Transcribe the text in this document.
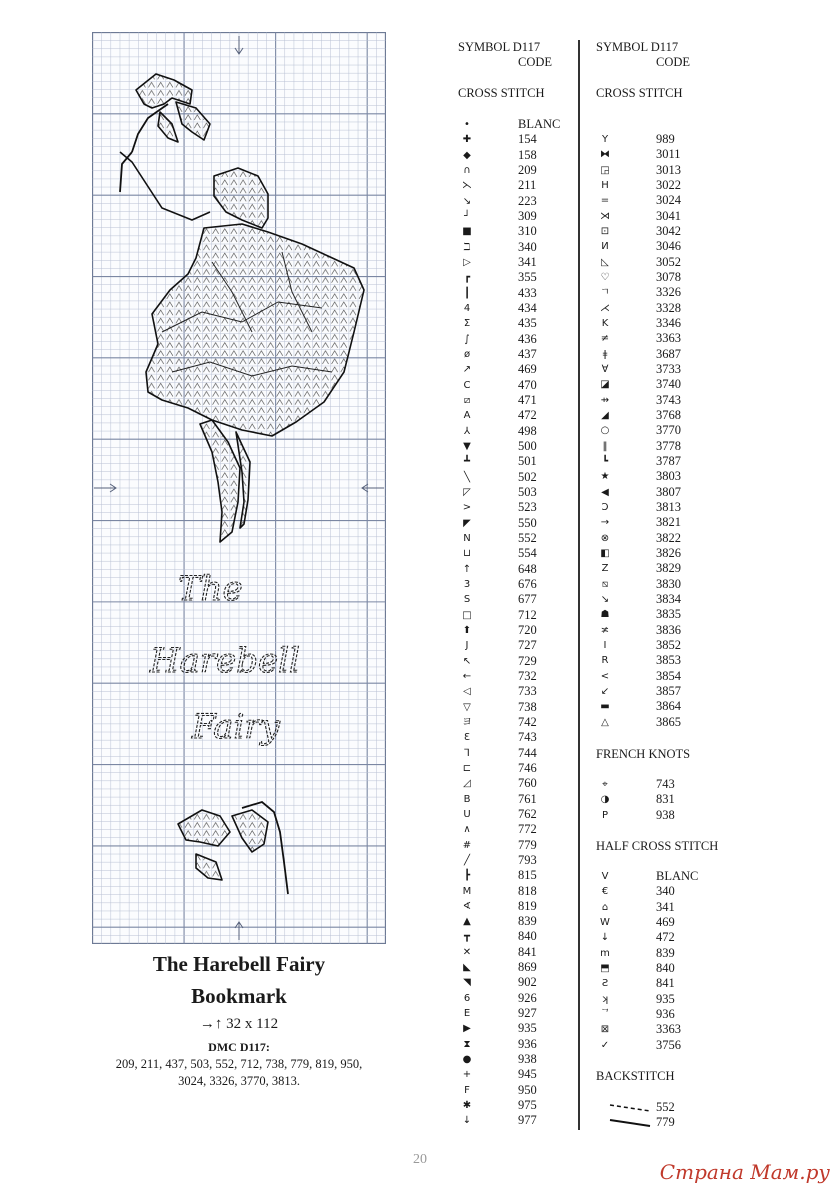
The
Harebell
Fairy
The Harebell Fairy
Bookmark
→↑ 32 x 112
DMC D117:
209, 211, 437, 503, 552, 712, 738, 779, 819, 950,
3024, 3326, 3770, 3813.
SYMBOL D117
CODE
CROSS STITCH
•	BLANC
✚	154
◆	158
∩	209
⋋	211
↘	223
┘	309
■	310
ℶ	340
▷	341
┏	355
┃	433
4	434
Σ	435
∫	436
ø	437
↗	469
C	470
⧄	471
A	472
⅄	498
▼	500
┻	501
╲	502
◸	503
>	523
◤	550
N	552
⊔	554
↑	648
3	676
S	677
□	712
⬆	720
J	727
↖	729
←	732
◁	733
▽	738
ヨ	742
Ɛ	743
⅂	744
⊏	746
◿	760
B	761
U	762
∧	772
#	779
╱	793
┣	815
M	818
∢	819
▲	839
┳	840
✕	841
◣	869
◥	902
6	926
E	927
▶	935
⧗	936
●	938
+	945
F	950
✱	975
↓	977
SYMBOL D117
CODE
CROSS STITCH
Y	989
⧓	3011
◲	3013
H	3022
=	3024
⋊	3041
⊡	3042
И	3046
◺	3052
♡	3078
ㄱ	3326
⋌	3328
K	3346
≠	3363
ǂ	3687
∀	3733
◪	3740
⇸	3743
◢	3768
○	3770
‖	3778
┗	3787
★	3803
◀	3807
Ɔ	3813
→	3821
⊗	3822
◧	3826
Z	3829
⧅	3830
↘	3834
☗	3835
≭	3836
I	3852
R	3853
<	3854
↙	3857
▬	3864
△	3865
FRENCH KNOTS
⌖	743
◑	831
P	938
HALF CROSS STITCH
V	BLANC
€	340
⌂	341
W	469
↓	472
m	839
⬒	840
Ƨ	841
ʞ	935
ᄀ	936
⊠	3363
✓	3756
BACKSTITCH
552
779
20
Страна Мам.ру
